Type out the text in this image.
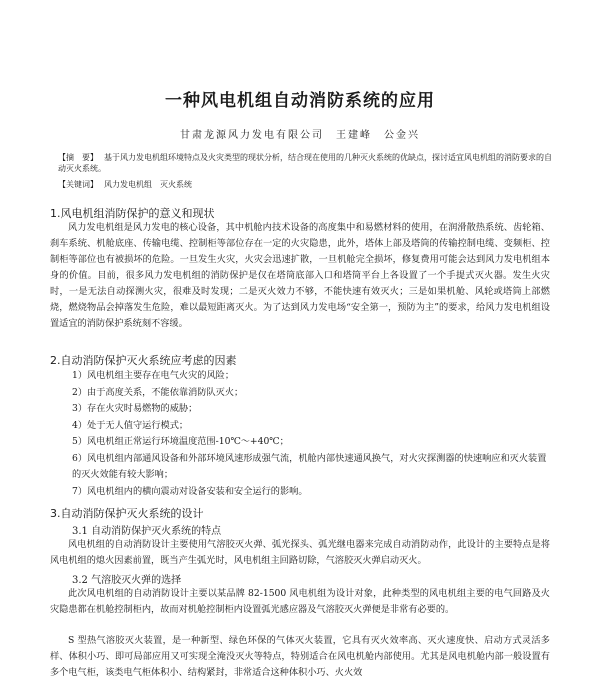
一种风电机组自动消防系统的应用
甘肃龙源风力发电有限公司　王建峰　公金兴
【摘　要】 基于风力发电机组环境特点及火灾类型的现状分析，结合现在使用的几种灭火系统的优缺点，探讨适宜风电机组的消防要求的自动灭火系统。
【关键词】 风力发电机组　灭火系统
1.风电机组消防保护的意义和现状
风力发电机组是风力发电的核心设备，其中机舱内技术设备的高度集中和易燃材料的使用，在润滑散热系统、齿轮箱、刹车系统、机舱底座、传输电缆、控制柜等部位存在一定的火灾隐患，此外，塔体上部及塔筒的传输控制电缆、变频柜、控制柜等部位也有被损坏的危险。一旦发生火灾，火灾会迅速扩散，一旦机舱完全损坏，修复费用可能会达到风力发电机组本身的价值。目前，很多风力发电机组的消防保护是仅在塔筒底部入口和塔筒平台上各设置了一个手提式灭火器。发生火灾时，一是无法自动探测火灾，很难及时发现；二是灭火效力不够，不能快速有效灭火；三是如果机舱、风轮或塔筒上部燃烧，燃烧物品会掉落发生危险，难以最短距离灭火。为了达到风力发电场“安全第一，预防为主”的要求，给风力发电机组设置适宜的消防保护系统刻不容缓。
2.自动消防保护灭火系统应考虑的因素
1）风电机组主要存在电气火灾的风险；
2）由于高度关系，不能依靠消防队灭火；
3）存在火灾时易燃物的威胁；
4）处于无人值守运行模式；
5）风电机组正常运行环境温度范围-10℃～+40℃；
6）风电机组内部通风设备和外部环境风速形成强气流，机舱内部快速通风换气，对火灾探测器的快速响应和灭火装置的灭火效能有较大影响；
7）风电机组内的横向震动对设备安装和安全运行的影响。
3.自动消防保护灭火系统的设计
3.1 自动消防保护灭火系统的特点
风电机组的自动消防设计主要使用气溶胶灭火弹、弧光探头、弧光继电器来完成自动消防动作，此设计的主要特点是将风电机组的熄火因素前置，既当产生弧光时，风电机组主回路切除，气溶胶灭火弹启动灭火。
3.2 气溶胶灭火弹的选择
此次风电机组的自动消防设计主要以某品牌 82-1500 风电机组为设计对象，此种类型的风电机组主要的电气回路及火灾隐患都在机舱控制柜内，故而对机舱控制柜内设置弧光感应器及气溶胶灭火弹便是非常有必要的。
S 型热气溶胶灭火装置，是一种新型、绿色环保的气体灭火装置，它具有灭火效率高、灭火速度快、启动方式灵活多样、体积小巧、即可局部应用又可实现全淹没灭火等特点，特别适合在风电机舱内部使用。尤其是风电机舱内部一般设置有多个电气柜，该类电气柜体积小、结构紧封，非常适合这种体积小巧、火火效
